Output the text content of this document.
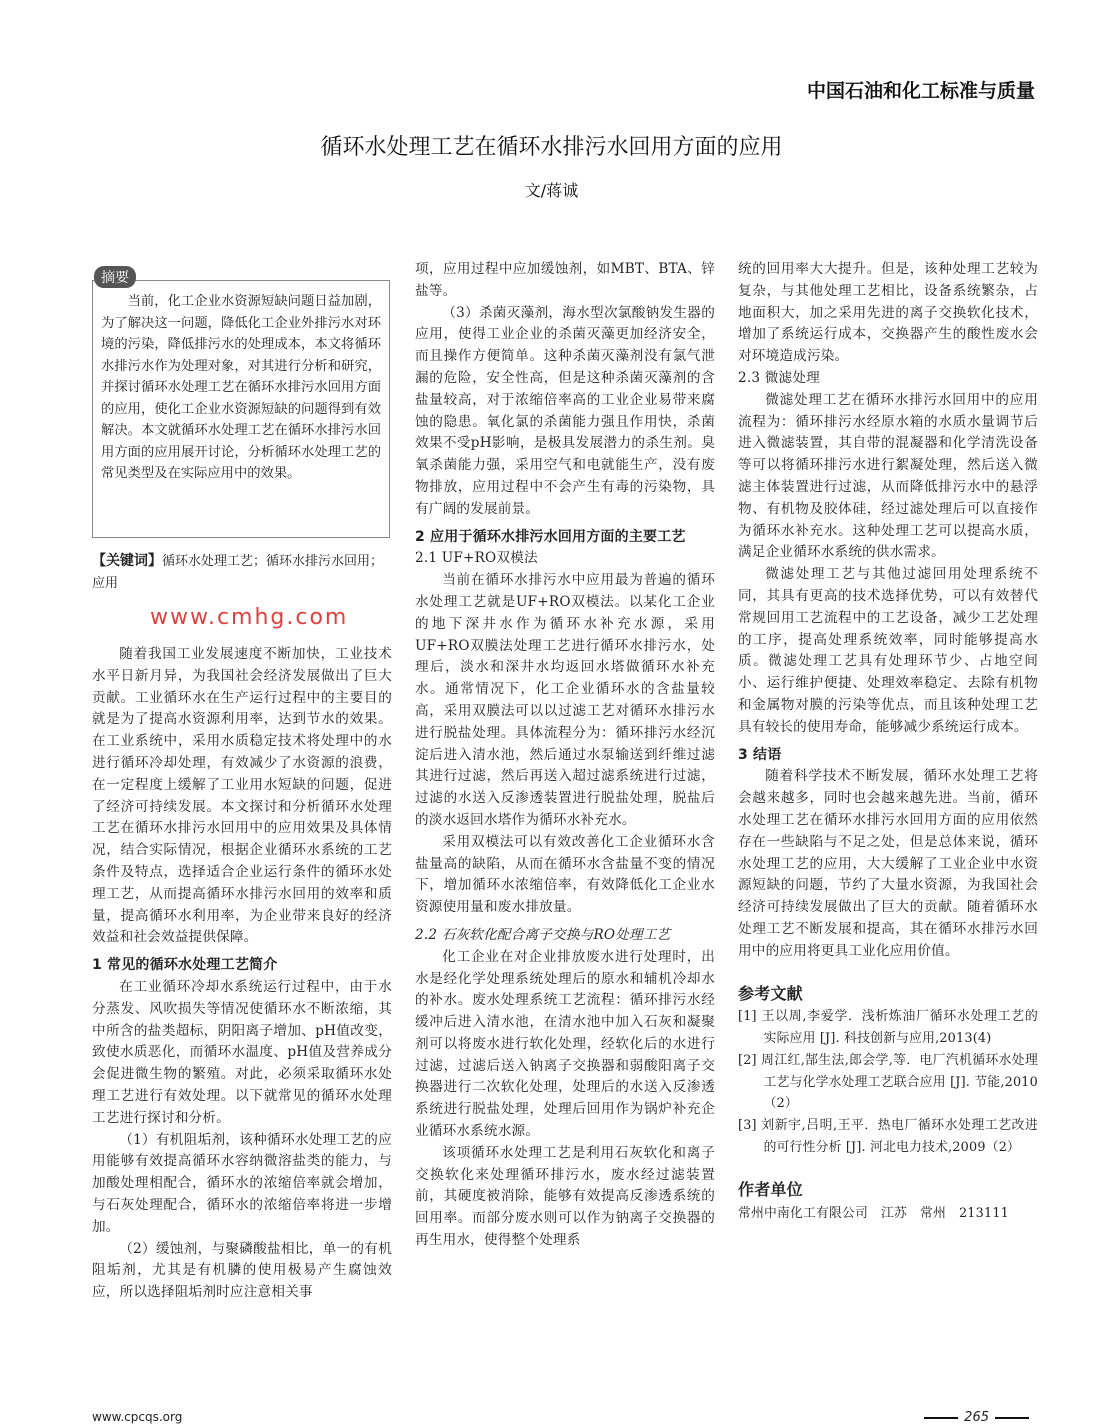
中国石油和化工标准与质量
循环水处理工艺在循环水排污水回用方面的应用
文/蒋诚

当前，化工企业水资源短缺问题日益加剧，为了解决这一问题，降低化工企业外排污水对环境的污染，降低排污水的处理成本，本文将循环水排污水作为处理对象，对其进行分析和研究，并探讨循环水处理工艺在循环水排污水回用方面的应用，使化工企业水资源短缺的问题得到有效解决。本文就循环水处理工艺在循环水排污水回用方面的应用展开讨论，分析循环水处理工艺的常见类型及在实际应用中的效果。

摘要
【关键词】循环水处理工艺；循环水排污水回用；应用
www.cmhg.com

随着我国工业发展速度不断加快，工业技术水平日新月异，为我国社会经济发展做出了巨大贡献。工业循环水在生产运行过程中的主要目的就是为了提高水资源利用率，达到节水的效果。在工业系统中，采用水质稳定技术将处理中的水进行循环冷却处理，有效减少了水资源的浪费，在一定程度上缓解了工业用水短缺的问题，促进了经济可持续发展。本文探讨和分析循环水处理工艺在循环水排污水回用中的应用效果及具体情况，结合实际情况，根据企业循环水系统的工艺条件及特点，选择适合企业运行条件的循环水处理工艺，从而提高循环水排污水回用的效率和质量，提高循环水利用率，为企业带来良好的经济效益和社会效益提供保障。

1 常见的循环水处理工艺简介

在工业循环冷却水系统运行过程中，由于水分蒸发、风吹损失等情况使循环水不断浓缩，其中所含的盐类超标，阴阳离子增加、pH值改变，致使水质恶化，而循环水温度、pH值及营养成分会促进微生物的繁殖。对此，必须采取循环水处理工艺进行有效处理。以下就常见的循环水处理工艺进行探讨和分析。

（1）有机阻垢剂，该种循环水处理工艺的应用能够有效提高循环水容纳微溶盐类的能力，与加酸处理相配合，循环水的浓缩倍率就会增加，与石灰处理配合，循环水的浓缩倍率将进一步增加。

（2）缓蚀剂，与聚磷酸盐相比，单一的有机阻垢剂，尤其是有机膦的使用极易产生腐蚀效应，所以选择阻垢剂时应注意相关事

项，应用过程中应加缓蚀剂，如MBT、BTA、锌盐等。

（3）杀菌灭藻剂，海水型次氯酸钠发生器的应用，使得工业企业的杀菌灭藻更加经济安全，而且操作方便简单。这种杀菌灭藻剂没有氯气泄漏的危险，安全性高，但是这种杀菌灭藻剂的含盐量较高，对于浓缩倍率高的工业企业易带来腐蚀的隐患。氧化氯的杀菌能力强且作用快，杀菌效果不受pH影响，是极具发展潜力的杀生剂。臭氧杀菌能力强，采用空气和电就能生产，没有废物排放，应用过程中不会产生有毒的污染物，具有广阔的发展前景。

2 应用于循环水排污水回用方面的主要工艺
2.1 UF+RO双模法

当前在循环水排污水中应用最为普遍的循环水处理工艺就是UF+RO双模法。以某化工企业的地下深井水作为循环水补充水源，采用UF+RO双膜法处理工艺进行循环水排污水，处理后，淡水和深井水均返回水塔做循环水补充水。通常情况下，化工企业循环水的含盐量较高，采用双膜法可以以过滤工艺对循环水排污水进行脱盐处理。具体流程分为：循环排污水经沉淀后进入清水池，然后通过水泵输送到纤维过滤其进行过滤，然后再送入超过滤系统进行过滤，过滤的水送入反渗透装置进行脱盐处理，脱盐后的淡水返回水塔作为循环水补充水。

采用双模法可以有效改善化工企业循环水含盐量高的缺陷，从而在循环水含盐量不变的情况下，增加循环水浓缩倍率，有效降低化工企业水资源使用量和废水排放量。

2.2 石灰软化配合离子交换与RO处理工艺

化工企业在对企业排放废水进行处理时，出水是经化学处理系统处理后的原水和辅机冷却水的补水。废水处理系统工艺流程：循环排污水经缓冲后进入清水池，在清水池中加入石灰和凝聚剂可以将废水进行软化处理，经软化后的水进行过滤，过滤后送入钠离子交换器和弱酸阳离子交换器进行二次软化处理，处理后的水送入反渗透系统进行脱盐处理，处理后回用作为锅炉补充企业循环水系统水源。

该项循环水处理工艺是利用石灰软化和离子交换软化来处理循环排污水，废水经过滤装置前，其硬度被消除，能够有效提高反渗透系统的回用率。而部分废水则可以作为钠离子交换器的再生用水，使得整个处理系

统的回用率大大提升。但是，该种处理工艺较为复杂，与其他处理工艺相比，设备系统繁杂，占地面积大，加之采用先进的离子交换软化技术，增加了系统运行成本，交换器产生的酸性废水会对环境造成污染。

2.3 微滤处理

微滤处理工艺在循环水排污水回用中的应用流程为：循环排污水经原水箱的水质水量调节后进入微滤装置，其自带的混凝器和化学清洗设备等可以将循环排污水进行絮凝处理，然后送入微滤主体装置进行过滤，从而降低排污水中的悬浮物、有机物及胶体硅，经过滤处理后可以直接作为循环水补充水。这种处理工艺可以提高水质，满足企业循环水系统的供水需求。

微滤处理工艺与其他过滤回用处理系统不同，其具有更高的技术选择优势，可以有效替代常规回用工艺流程中的工艺设备，减少工艺处理的工序，提高处理系统效率，同时能够提高水质。微滤处理工艺具有处理环节少、占地空间小、运行维护便捷、处理效率稳定、去除有机物和金属物对膜的污染等优点，而且该种处理工艺具有较长的使用寿命，能够减少系统运行成本。

3 结语

随着科学技术不断发展，循环水处理工艺将会越来越多，同时也会越来越先进。当前，循环水处理工艺在循环水排污水回用方面的应用依然存在一些缺陷与不足之处，但是总体来说，循环水处理工艺的应用，大大缓解了工业企业中水资源短缺的问题，节约了大量水资源，为我国社会经济可持续发展做出了巨大的贡献。随着循环水处理工艺不断发展和提高，其在循环水排污水回用中的应用将更具工业化应用价值。

参考文献
[1] 王以周,李爱学．浅析炼油厂循环水处理工艺的实际应用 [J]. 科技创新与应用,2013(4)
[2] 周江红,郜生法,郎会学,等．电厂汽机循环水处理工艺与化学水处理工艺联合应用 [J]. 节能,2010（2）
[3] 刘新宇,吕明,王平．热电厂循环水处理工艺改进的可行性分析 [J]. 河北电力技术,2009（2）
作者单位
常州中南化工有限公司　江苏　常州　213111
www.cpcqs.org	265
